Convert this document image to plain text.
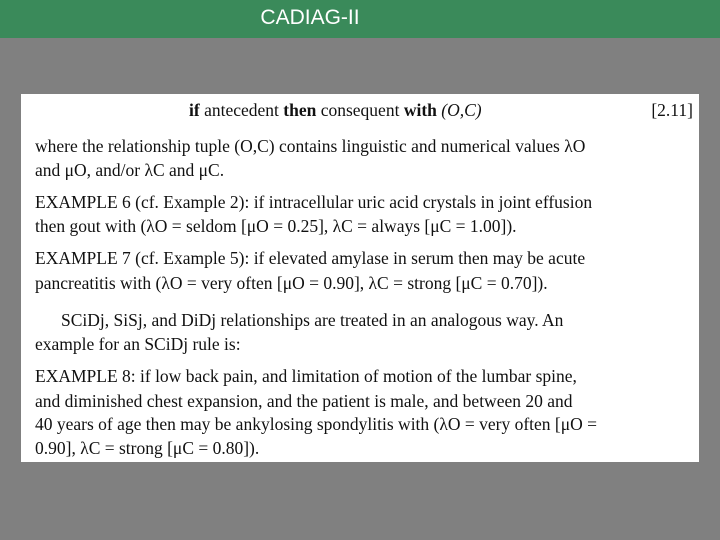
CADIAG-II
if antecedent then consequent with (O,C)	[2.11]
where the relationship tuple (O,C) contains linguistic and numerical values λO
and μO, and/or λC and μC.
EXAMPLE 6 (cf. Example 2): if intracellular uric acid crystals in joint effusion
then gout with (λO = seldom [μO = 0.25], λC = always [μC = 1.00]).
EXAMPLE 7 (cf. Example 5): if elevated amylase in serum then may be acute
pancreatitis with (λO = very often [μO = 0.90], λC = strong [μC = 0.70]).
SCiDj, SiSj, and DiDj relationships are treated in an analogous way. An
example for an SCiDj rule is:
EXAMPLE 8: if low back pain, and limitation of motion of the lumbar spine,
and diminished chest expansion, and the patient is male, and between 20 and
40 years of age then may be ankylosing spondylitis with (λO = very often [μO =
0.90], λC = strong [μC = 0.80]).
